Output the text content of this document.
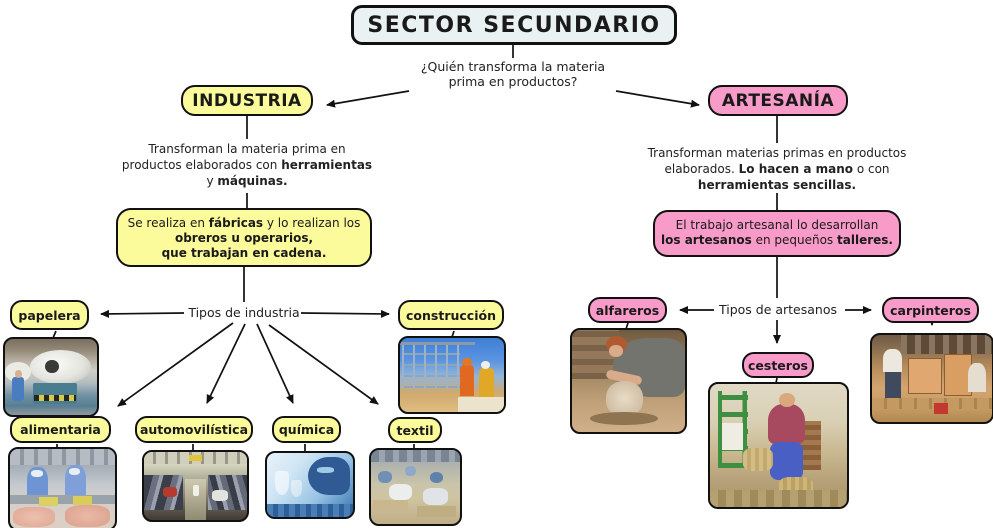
SECTOR SECUNDARIO
¿Quién transforma la materia prima en productos?
INDUSTRIA	ARTESANÍA
Transforman la materia prima en
productos elaborados con herramientas
y máquinas.
Transforman materias primas en productos
elaborados. Lo hacen a mano o con
herramientas sencillas.
Se realiza en fábricas y lo realizan los
obreros u operarios,
que trabajan en cadena.
El trabajo artesanal lo desarrollan
los artesanos en pequeños talleres.
Tipos de industria	Tipos de artesanos
papelera	construcción
alimentaria	automovilística química	textil
alfareros
cesteros
carpinteros
